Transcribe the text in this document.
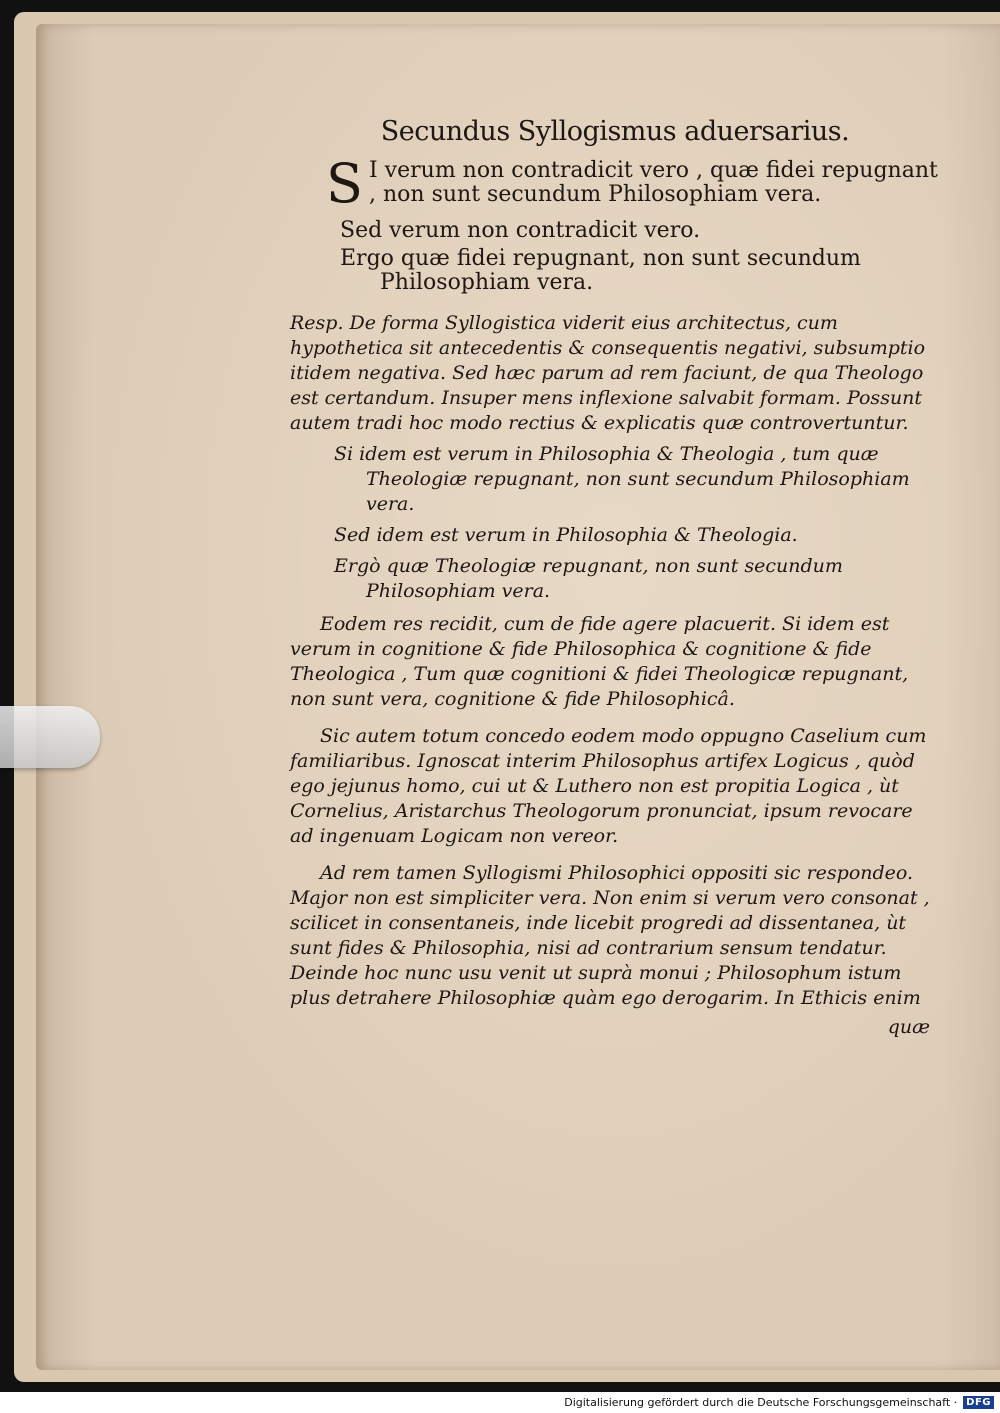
Secundus Syllogismus aduersarius.
S I verum non contradicit vero , quæ fidei repugnant , non sunt secundum Philosophiam vera.

Sed verum non contradicit vero.

Ergo quæ fidei repugnant, non sunt secundum Philosophiam vera.

Resp. De forma Syllogistica viderit eius architectus, cum hypothetica sit antecedentis & consequentis negativi, subsumptio itidem negativa. Sed hæc parum ad rem faciunt, de qua Theologo est certandum. Insuper mens inflexione salvabit formam. Possunt autem tradi hoc modo rectius & explicatis quæ controvertuntur.

Si idem est verum in Philosophia & Theologia , tum quæ Theologiæ repugnant, non sunt secundum Philosophiam vera.

Sed idem est verum in Philosophia & Theologia.

Ergò quæ Theologiæ repugnant, non sunt secundum Philosophiam vera.

Eodem res recidit, cum de fide agere placuerit. Si idem est verum in cognitione & fide Philosophica & cognitione & fide Theologica , Tum quæ cognitioni & fidei Theologicæ repugnant, non sunt vera, cognitione & fide Philosophicâ.

Sic autem totum concedo eodem modo oppugno Caselium cum familiaribus. Ignoscat interim Philosophus artifex Logicus , quòd ego jejunus homo, cui ut & Luthero non est propitia Logica , ùt Cornelius, Aristarchus Theologorum pronunciat, ipsum revocare ad ingenuam Logicam non vereor.

Ad rem tamen Syllogismi Philosophici oppositi sic respondeo. Major non est simpliciter vera. Non enim si verum vero consonat , scilicet in consentaneis, inde licebit progredi ad dissentanea, ùt sunt fides & Philosophia, nisi ad contrarium sensum tendatur. Deinde hoc nunc usu venit ut suprà monui ; Philosophum istum plus detrahere Philosophiæ quàm ego derogarim. In Ethicis enim

quæ

Digitalisierung gefördert durch die Deutsche Forschungsgemeinschaft · DFG
